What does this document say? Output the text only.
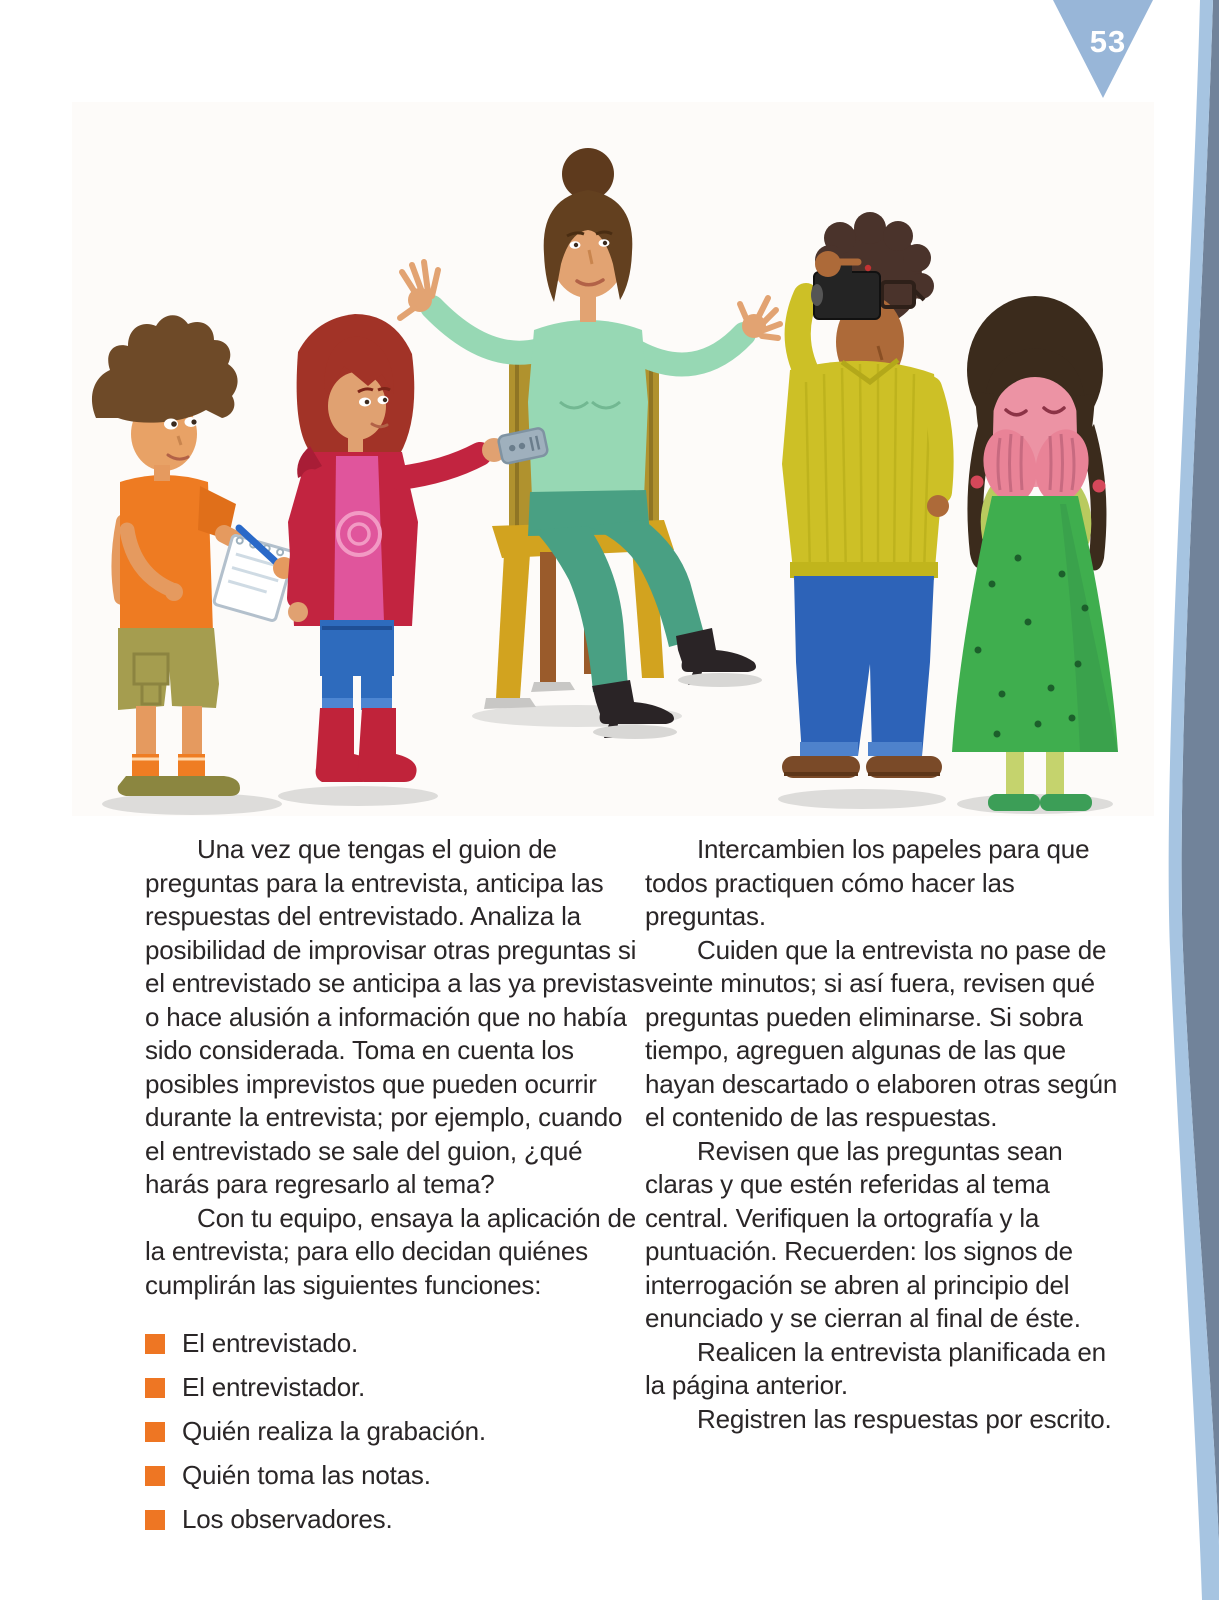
53

Una vez que tengas el guion de preguntas para la entrevista, anticipa las respuestas del entrevistado. Analiza la posibilidad de improvisar otras preguntas si el entrevistado se anticipa a las ya previstas o hace alusión a información que no había sido considerada. Toma en cuenta los posibles imprevistos que pueden ocurrir durante la entrevista; por ejemplo, cuando el entrevistado se sale del guion, ¿qué harás para regresarlo al tema?

Con tu equipo, ensaya la aplicación de la entrevista; para ello decidan quiénes cumplirán las siguientes funciones:

El entrevistado.
El entrevistador.
Quién realiza la grabación.
Quién toma las notas.
Los observadores.

Intercambien los papeles para que todos practiquen cómo hacer las preguntas.

Cuiden que la entrevista no pase de veinte minutos; si así fuera, revisen qué preguntas pueden eliminarse. Si sobra tiempo, agreguen algunas de las que hayan descartado o elaboren otras según el contenido de las respuestas.

Revisen que las preguntas sean claras y que estén referidas al tema central. Verifiquen la ortografía y la puntuación. Recuerden: los signos de interrogación se abren al principio del enunciado y se cierran al final de éste.

Realicen la entrevista planificada en la página anterior.

Registren las respuestas por escrito.
